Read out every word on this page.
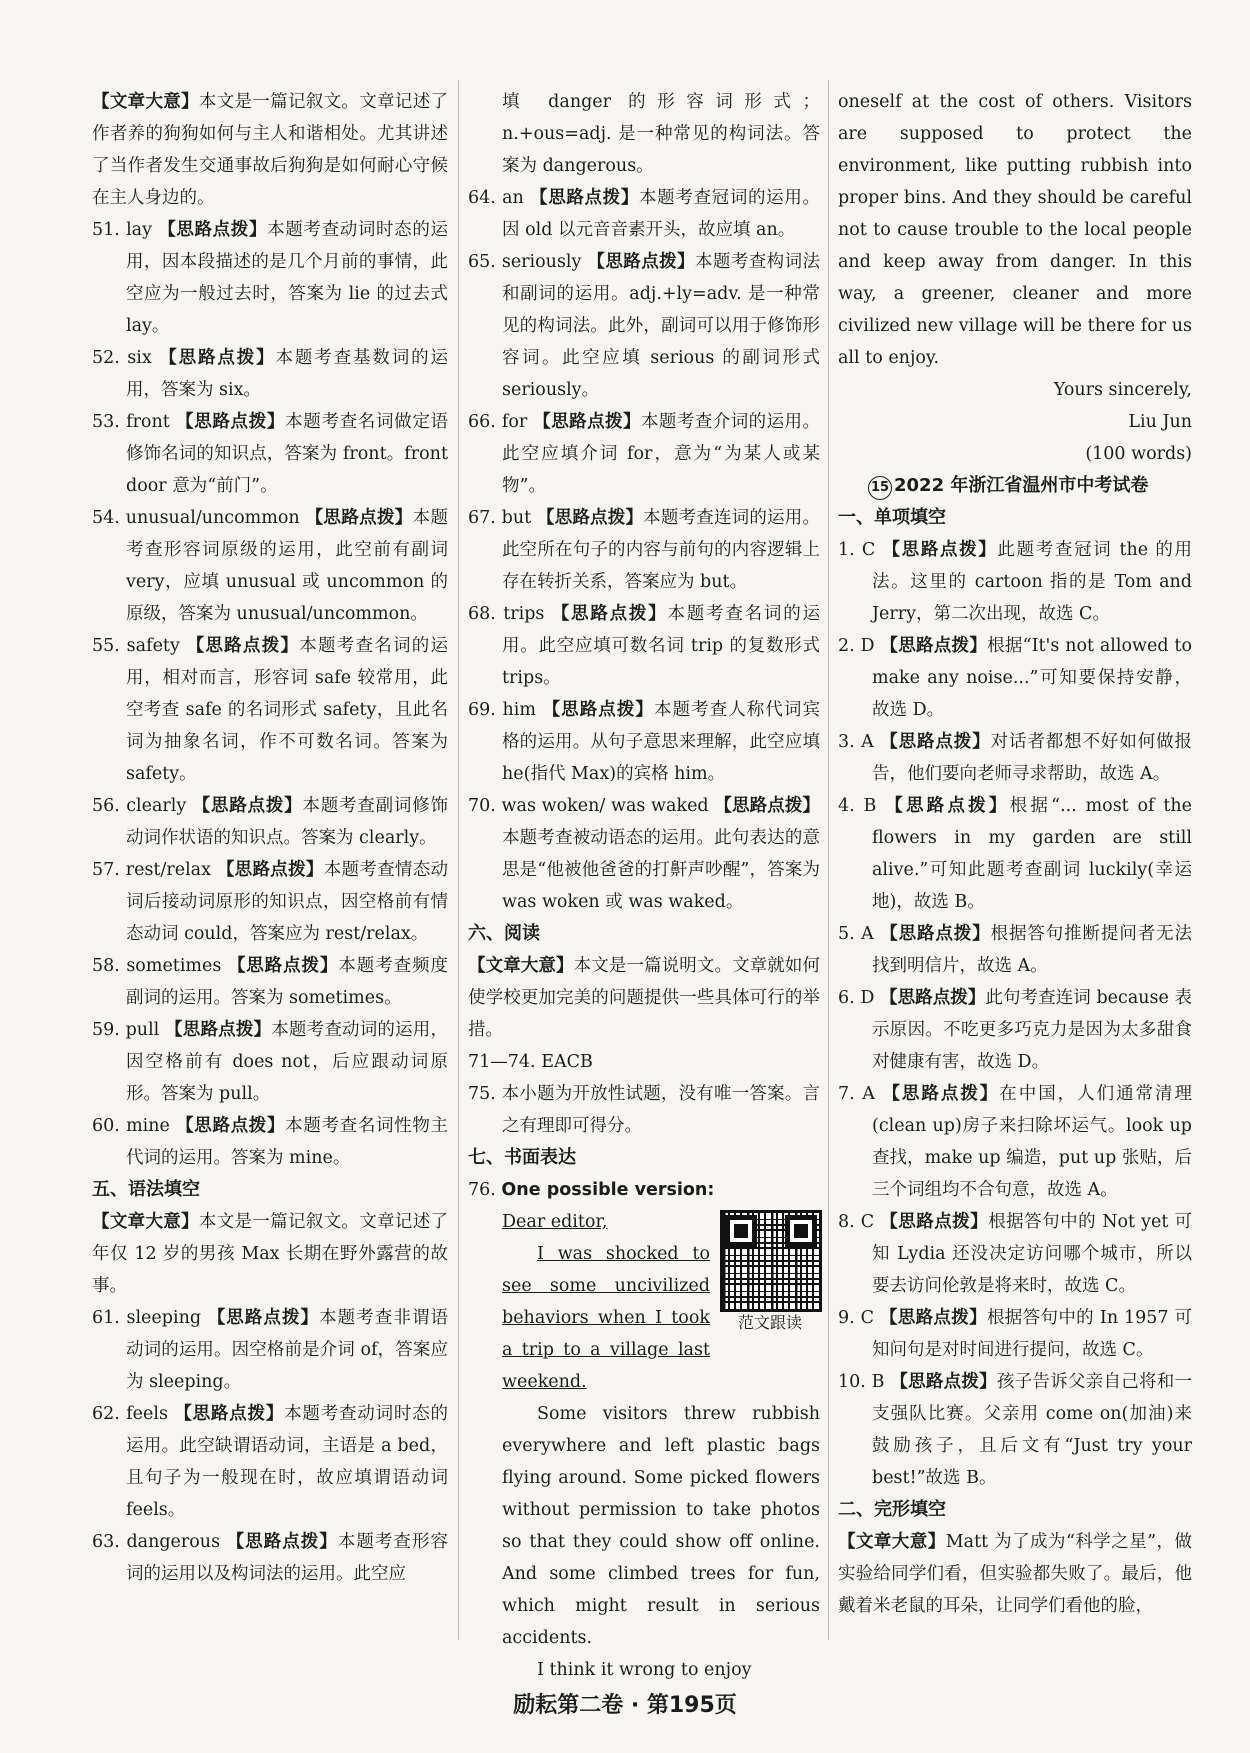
【文章大意】本文是一篇记叙文。文章记述了作者养的狗狗如何与主人和谐相处。尤其讲述了当作者发生交通事故后狗狗是如何耐心守候在主人身边的。

51. lay 【思路点拨】本题考查动词时态的运用，因本段描述的是几个月前的事情，此空应为一般过去时，答案为 lie 的过去式 lay。

52. six 【思路点拨】本题考查基数词的运用，答案为 six。

53. front 【思路点拨】本题考查名词做定语修饰名词的知识点，答案为 front。front door 意为“前门”。

54. unusual/uncommon 【思路点拨】本题考查形容词原级的运用，此空前有副词 very，应填 unusual 或 uncommon 的原级，答案为 unusual/uncommon。

55. safety 【思路点拨】本题考查名词的运用，相对而言，形容词 safe 较常用，此空考查 safe 的名词形式 safety，且此名词为抽象名词，作不可数名词。答案为 safety。

56. clearly 【思路点拨】本题考查副词修饰动词作状语的知识点。答案为 clearly。

57. rest/relax 【思路点拨】本题考查情态动词后接动词原形的知识点，因空格前有情态动词 could，答案应为 rest/relax。

58. sometimes 【思路点拨】本题考查频度副词的运用。答案为 sometimes。

59. pull 【思路点拨】本题考查动词的运用，因空格前有 does not，后应跟动词原形。答案为 pull。

60. mine 【思路点拨】本题考查名词性物主代词的运用。答案为 mine。

五、语法填空

【文章大意】本文是一篇记叙文。文章记述了年仅 12 岁的男孩 Max 长期在野外露营的故事。

61. sleeping 【思路点拨】本题考查非谓语动词的运用。因空格前是介词 of，答案应为 sleeping。

62. feels 【思路点拨】本题考查动词时态的运用。此空缺谓语动词，主语是 a bed，且句子为一般现在时，故应填谓语动词 feels。

63. dangerous 【思路点拨】本题考查形容词的运用以及构词法的运用。此空应

填 danger 的形容词形式；n.+ous=adj. 是一种常见的构词法。答案为 dangerous。

64. an 【思路点拨】本题考查冠词的运用。因 old 以元音音素开头，故应填 an。

65. seriously 【思路点拨】本题考查构词法和副词的运用。adj.+ly=adv. 是一种常见的构词法。此外，副词可以用于修饰形容词。此空应填 serious 的副词形式 seriously。

66. for 【思路点拨】本题考查介词的运用。此空应填介词 for，意为“为某人或某物”。

67. but 【思路点拨】本题考查连词的运用。此空所在句子的内容与前句的内容逻辑上存在转折关系，答案应为 but。

68. trips 【思路点拨】本题考查名词的运用。此空应填可数名词 trip 的复数形式 trips。

69. him 【思路点拨】本题考查人称代词宾格的运用。从句子意思来理解，此空应填 he(指代 Max)的宾格 him。

70. was woken/ was waked 【思路点拨】本题考查被动语态的运用。此句表达的意思是“他被他爸爸的打鼾声吵醒”，答案为 was woken 或 was waked。

六、阅读

【文章大意】本文是一篇说明文。文章就如何使学校更加完美的问题提供一些具体可行的举措。

71—74. EACB

75. 本小题为开放性试题，没有唯一答案。言之有理即可得分。

七、书面表达

76. One possible version:

范文跟读

Dear editor,

I was shocked to see some uncivilized behaviors when I took a trip to a village last weekend.

Some visitors threw rubbish everywhere and left plastic bags flying around. Some picked flowers without permission to take photos so that they could show off online. And some climbed trees for fun, which might result in serious accidents.

I think it wrong to enjoy

oneself at the cost of others. Visitors are supposed to protect the environment, like putting rubbish into proper bins. And they should be careful not to cause trouble to the local people and keep away from danger. In this way, a greener, cleaner and more civilized new village will be there for us all to enjoy.

Yours sincerely,

Liu Jun

(100 words)

15 2022 年浙江省温州市中考试卷

一、单项填空

1. C 【思路点拨】此题考查冠词 the 的用法。这里的 cartoon 指的是 Tom and Jerry，第二次出现，故选 C。

2. D 【思路点拨】根据“It's not allowed to make any noise...”可知要保持安静，故选 D。

3. A 【思路点拨】对话者都想不好如何做报告，他们要向老师寻求帮助，故选 A。

4. B 【思路点拨】根据“... most of the flowers in my garden are still alive.”可知此题考查副词 luckily(幸运地)，故选 B。

5. A 【思路点拨】根据答句推断提问者无法找到明信片，故选 A。

6. D 【思路点拨】此句考查连词 because 表示原因。不吃更多巧克力是因为太多甜食对健康有害，故选 D。

7. A 【思路点拨】在中国，人们通常清理(clean up)房子来扫除坏运气。look up 查找，make up 编造，put up 张贴，后三个词组均不合句意，故选 A。

8. C 【思路点拨】根据答句中的 Not yet 可知 Lydia 还没决定访问哪个城市，所以要去访问伦敦是将来时，故选 C。

9. C 【思路点拨】根据答句中的 In 1957 可知问句是对时间进行提问，故选 C。

10. B 【思路点拨】孩子告诉父亲自己将和一支强队比赛。父亲用 come on(加油)来鼓励孩子，且后文有“Just try your best!”故选 B。

二、完形填空

【文章大意】Matt 为了成为“科学之星”，做实验给同学们看，但实验都失败了。最后，他戴着米老鼠的耳朵，让同学们看他的脸，

励耘第二卷 · 第195页
